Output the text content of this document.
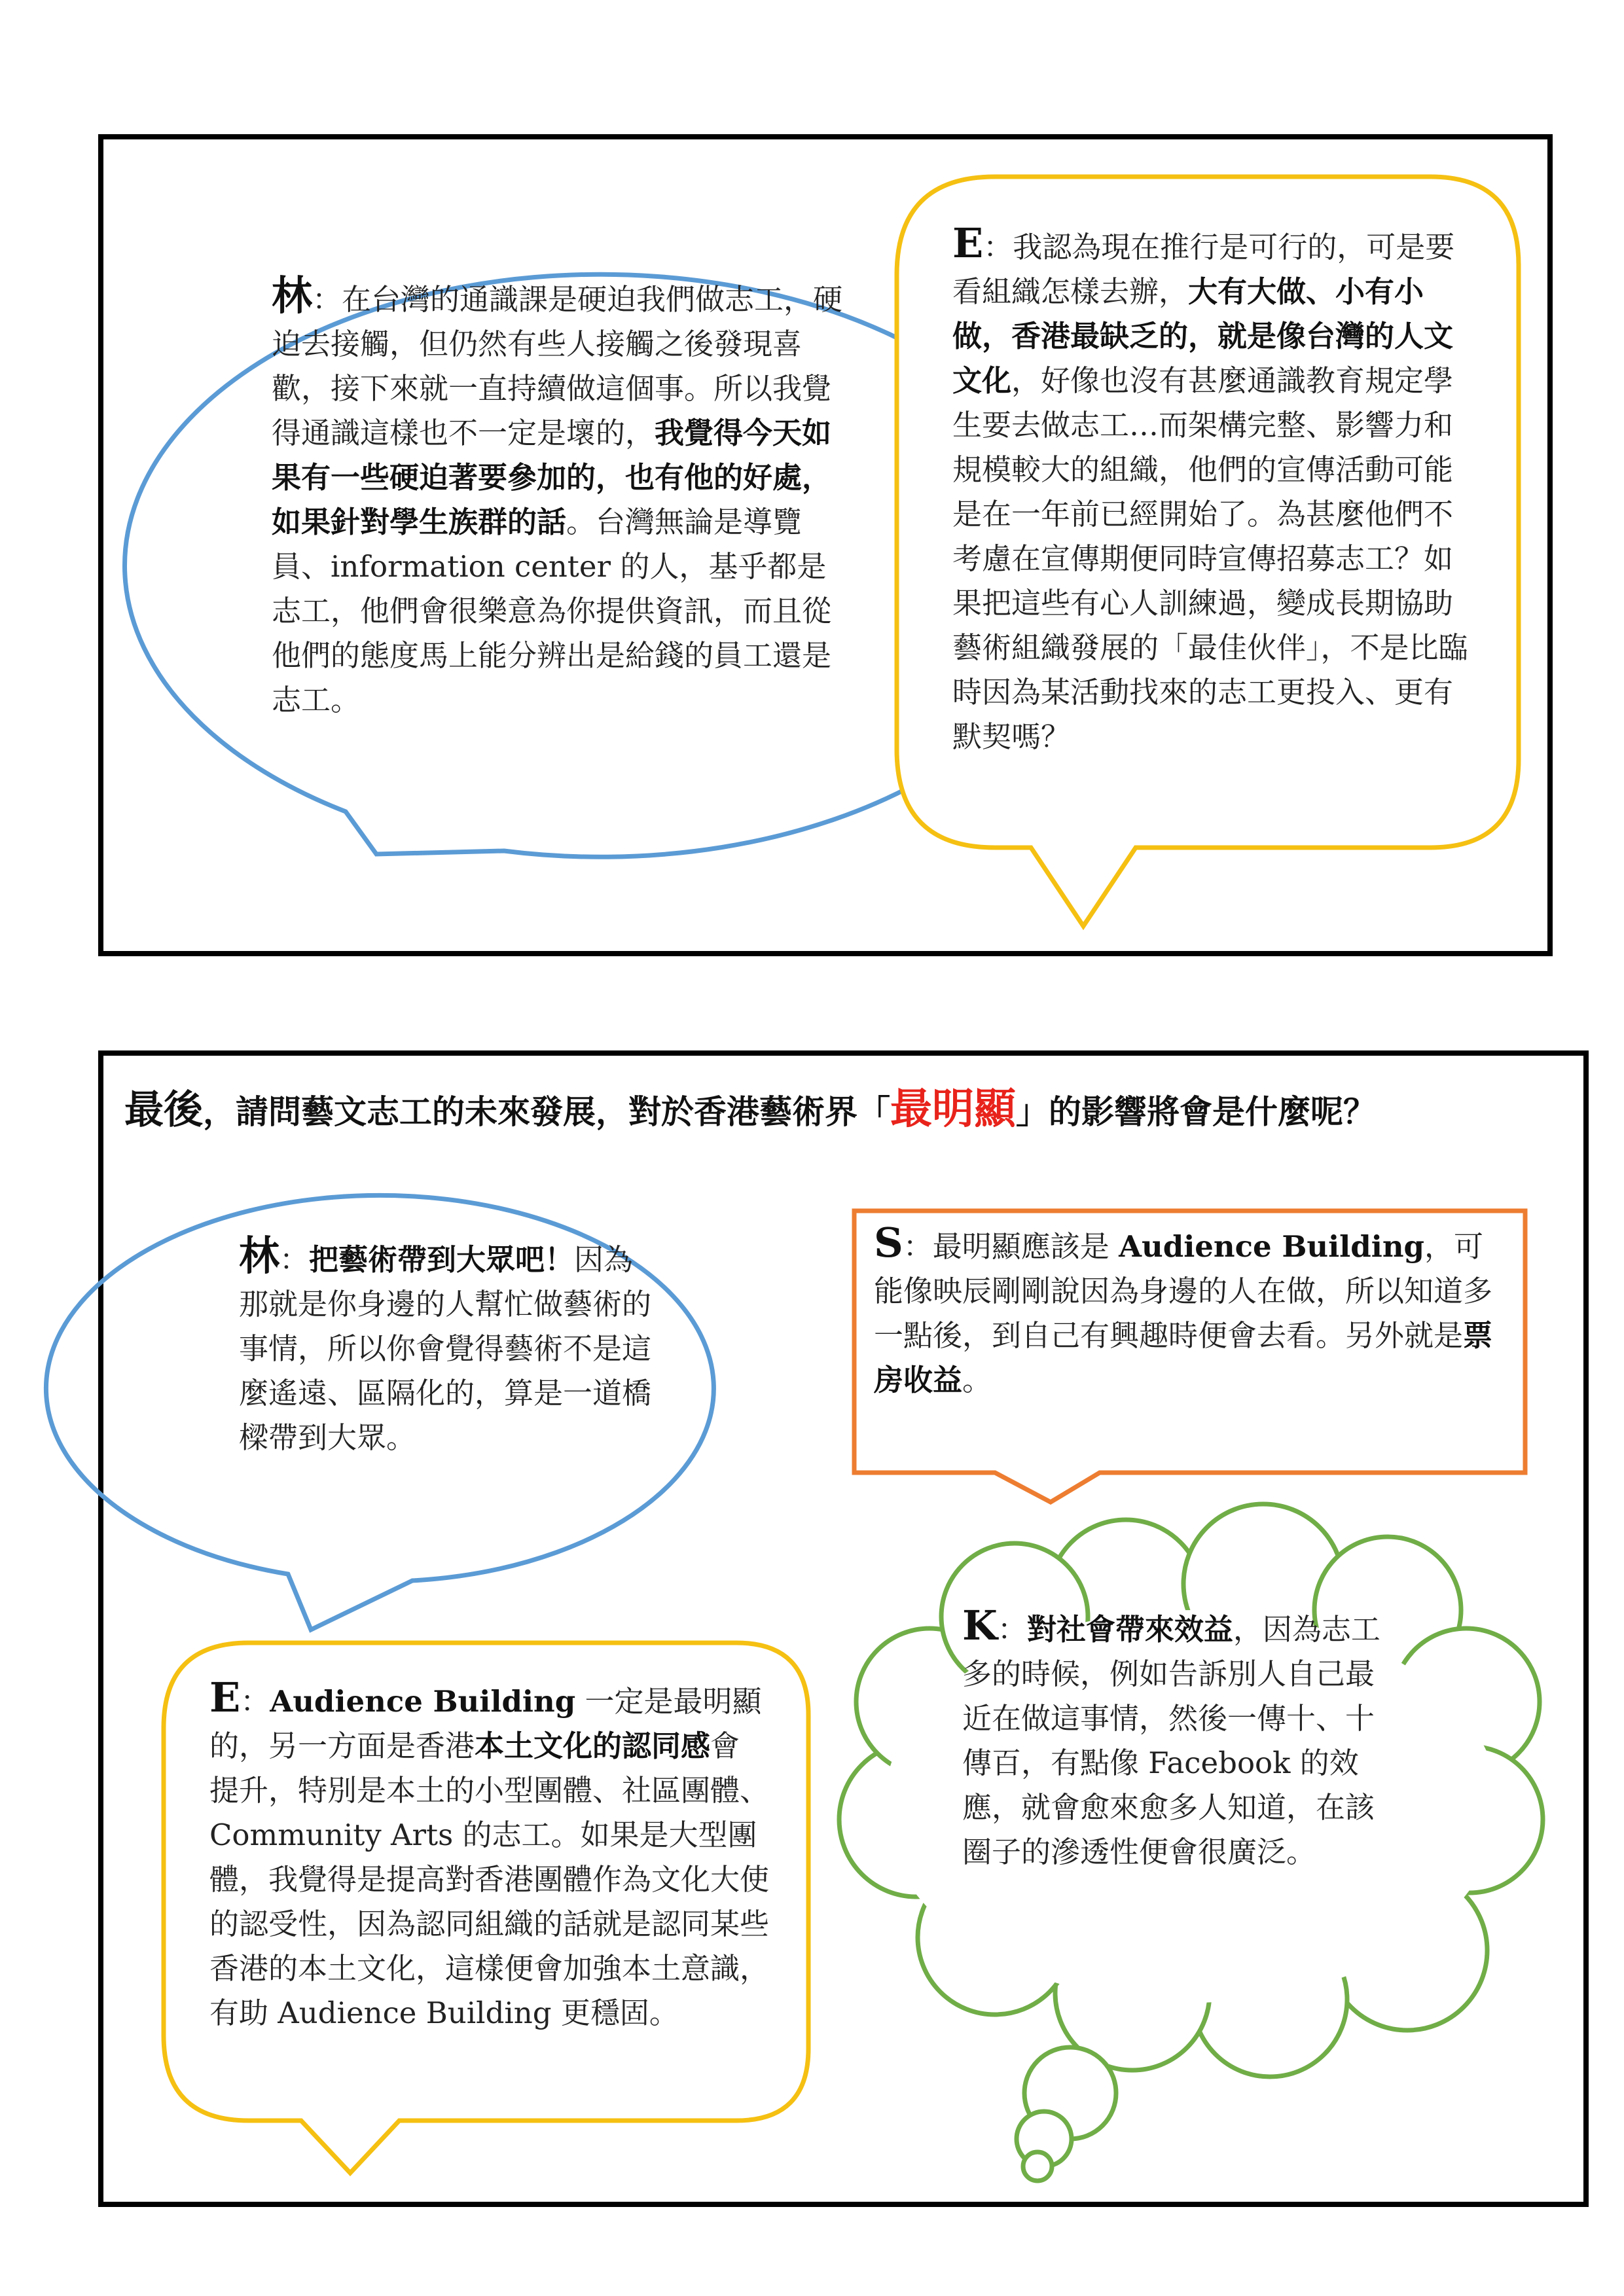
林：在台灣的通識課是硬迫我們做志工，硬迫去接觸，但仍然有些人接觸之後發現喜歡，接下來就一直持續做這個事。所以我覺得通識這樣也不一定是壞的，我覺得今天如果有一些硬迫著要參加的，也有他的好處，如果針對學生族群的話。台灣無論是導覽員、information center 的人，基乎都是志工，他們會很樂意為你提供資訊，而且從他們的態度馬上能分辨出是給錢的員工還是志工。
E：我認為現在推行是可行的，可是要看組織怎樣去辦，大有大做、小有小做，香港最缺乏的，就是像台灣的人文文化，好像也沒有甚麼通識教育規定學生要去做志工…而架構完整、影響力和規模較大的組織，他們的宣傳活動可能是在一年前已經開始了。為甚麼他們不考慮在宣傳期便同時宣傳招募志工？如果把這些有心人訓練過，變成長期協助藝術組織發展的「最佳伙伴」，不是比臨時因為某活動找來的志工更投入、更有默契嗎？
最後，請問藝文志工的未來發展，對於香港藝術界「最明顯」的影響將會是什麼呢？
林：把藝術帶到大眾吧！因為那就是你身邊的人幫忙做藝術的事情，所以你會覺得藝術不是這麼遙遠、區隔化的，算是一道橋樑帶到大眾。
S：最明顯應該是 Audience Building，可能像映辰剛剛說因為身邊的人在做，所以知道多一點後，到自己有興趣時便會去看。另外就是票房收益。
K：對社會帶來效益，因為志工多的時候，例如告訴別人自己最近在做這事情，然後一傳十、十傳百，有點像 Facebook 的效應，就會愈來愈多人知道，在該圈子的滲透性便會很廣泛。
E：Audience Building 一定是最明顯的，另一方面是香港本土文化的認同感會提升，特別是本土的小型團體、社區團體、Community Arts 的志工。如果是大型團體，我覺得是提高對香港團體作為文化大使的認受性，因為認同組織的話就是認同某些香港的本土文化，這樣便會加強本土意識，有助 Audience Building 更穩固。
